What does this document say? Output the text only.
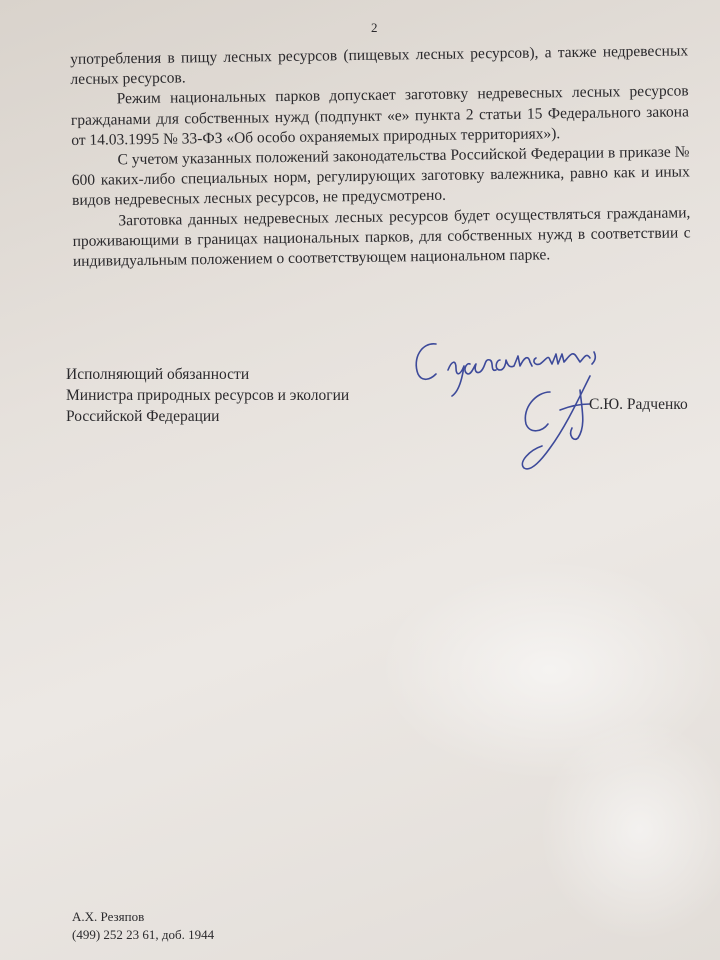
2

употребления в пищу лесных ресурсов (пищевых лесных ресурсов), а также недревесных лесных ресурсов.

Режим национальных парков допускает заготовку недревесных лесных ресурсов гражданами для собственных нужд (подпункт «е» пункта 2 статьи 15 Федерального закона от 14.03.1995 № 33-ФЗ «Об особо охраняемых природных территориях»).

С учетом указанных положений законодательства Российской Федерации в приказе № 600 каких-либо специальных норм, регулирующих заготовку валежника, равно как и иных видов недревесных лесных ресурсов, не предусмотрено.

Заготовка данных недревесных лесных ресурсов будет осуществляться гражданами, проживающими в границах национальных парков, для собственных нужд в соответствии с индивидуальным положением о соответствующем национальном парке.

Исполняющий обязанности
Министра природных ресурсов и экологии
Российской Федерации
С.Ю. Радченко
А.Х. Резяпов
(499) 252 23 61, доб. 1944
